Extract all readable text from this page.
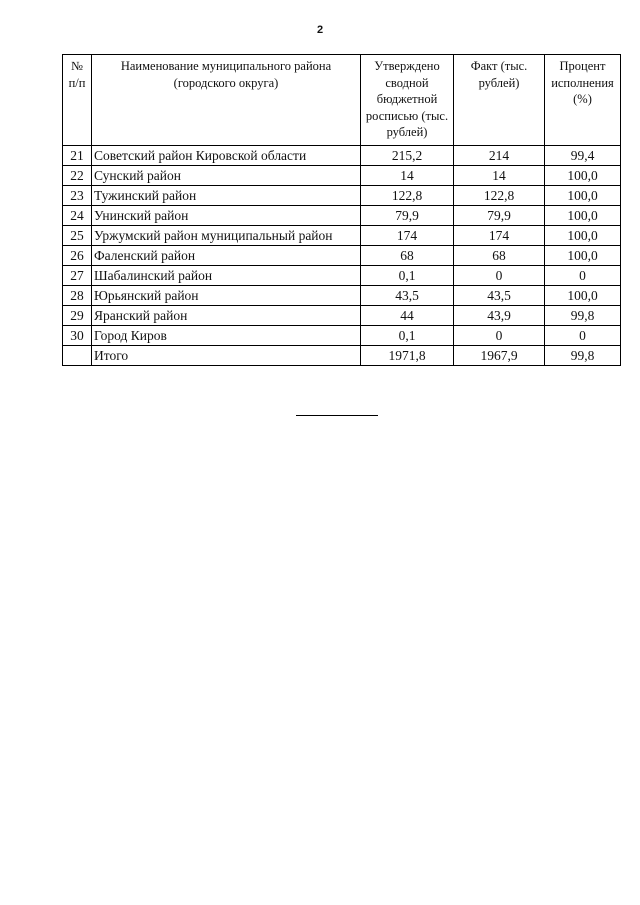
2
№ п/п	Наименование муниципального района (городского округа)	Утверждено сводной бюджетной росписью (тыс. рублей)	Факт (тыс. рублей)	Процент исполнения (%)
21	Советский район Кировской области	215,2	214	99,4
22	Сунский район	14	14	100,0
23	Тужинский район	122,8	122,8	100,0
24	Унинский район	79,9	79,9	100,0
25	Уржумский район муниципальный район	174	174	100,0
26	Фаленский район	68	68	100,0
27	Шабалинский район	0,1	0	0
28	Юрьянский район	43,5	43,5	100,0
29	Яранский район	44	43,9	99,8
30	Город Киров	0,1	0	0
	Итого	1971,8	1967,9	99,8
